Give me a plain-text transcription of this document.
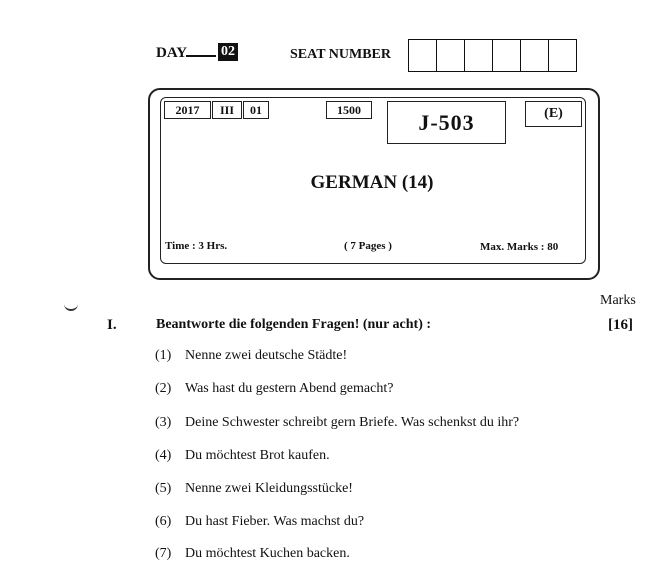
DAY 02	SEAT NUMBER
2017	III	01	1500	J-503	(E)
GERMAN (14)
Time : 3 Hrs.	( 7 Pages )	Max. Marks : 80
Marks
I.	Beantworte die folgenden Fragen! (nur acht) :	[16]
(1) Nenne zwei deutsche Städte!
(2) Was hast du gestern Abend gemacht?
(3) Deine Schwester schreibt gern Briefe. Was schenkst du ihr?
(4) Du möchtest Brot kaufen.
(5) Nenne zwei Kleidungsstücke!
(6) Du hast Fieber. Was machst du?
(7) Du möchtest Kuchen backen.
